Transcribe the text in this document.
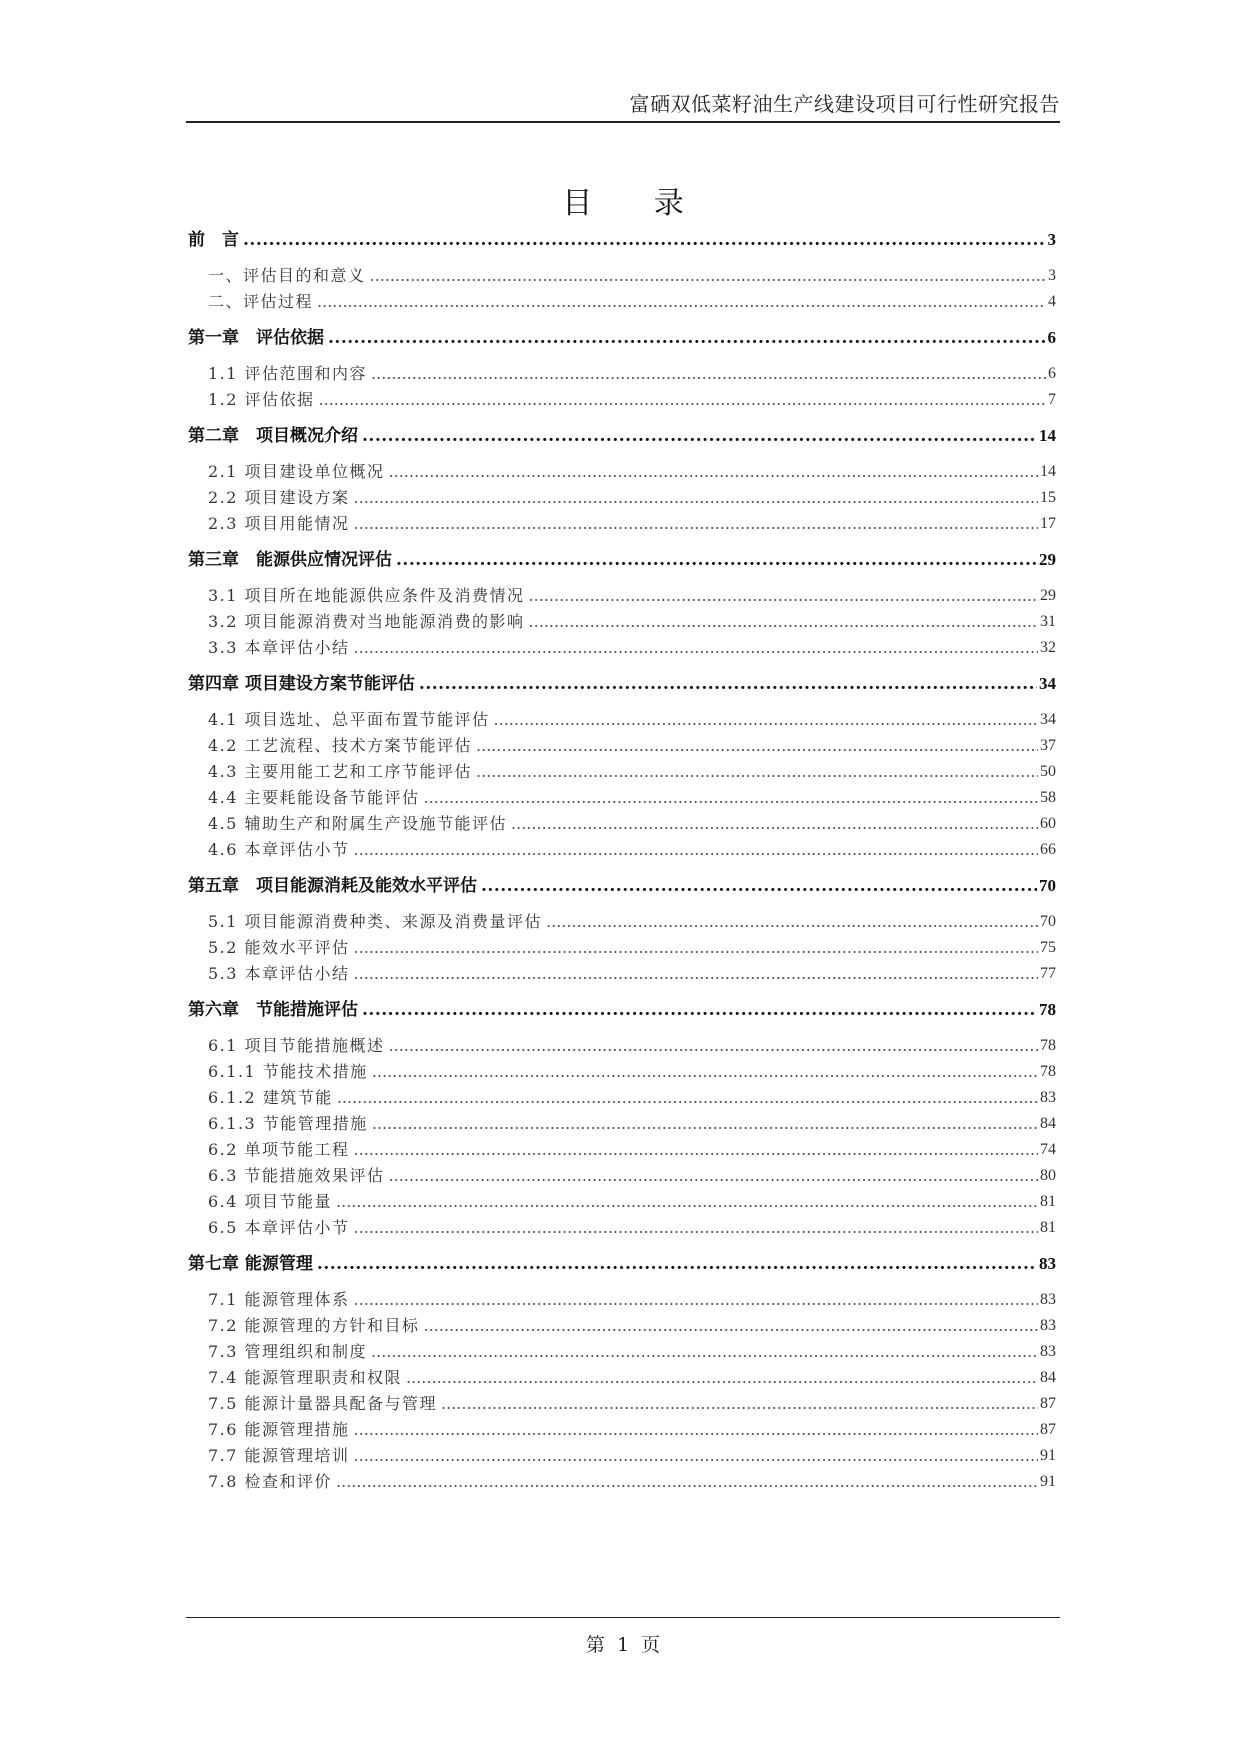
富硒双低菜籽油生产线建设项目可行性研究报告
目 录
前　言 .....	3
一、评估目的和意义 .....	3
二、评估过程 .....	4
第一章　评估依据 .....	6
1.1 评估范围和内容 .....	6
1.2 评估依据 .....	7
第二章　项目概况介绍 .....	14
2.1 项目建设单位概况 .....	14
2.2 项目建设方案 .....	15
2.3 项目用能情况 .....	17
第三章　能源供应情况评估 .....	29
3.1 项目所在地能源供应条件及消费情况 .....	29
3.2 项目能源消费对当地能源消费的影响 .....	31
3.3 本章评估小结 .....	32
第四章 项目建设方案节能评估 .....	34
4.1 项目选址、总平面布置节能评估 .....	34
4.2 工艺流程、技术方案节能评估 .....	37
4.3 主要用能工艺和工序节能评估 .....	50
4.4 主要耗能设备节能评估 .....	58
4.5 辅助生产和附属生产设施节能评估 .....	60
4.6 本章评估小节 .....	66
第五章　项目能源消耗及能效水平评估 .....	70
5.1 项目能源消费种类、来源及消费量评估 .....	70
5.2 能效水平评估 .....	75
5.3 本章评估小结 .....	77
第六章　节能措施评估 .....	78
6.1 项目节能措施概述 .....	78
6.1.1 节能技术措施 .....	78
6.1.2 建筑节能 .....	83
6.1.3 节能管理措施 .....	84
6.2 单项节能工程 .....	74
6.3 节能措施效果评估 .....	80
6.4 项目节能量 .....	81
6.5 本章评估小节 .....	81
第七章 能源管理 .....	83
7.1 能源管理体系 .....	83
7.2 能源管理的方针和目标 .....	83
7.3 管理组织和制度 .....	83
7.4 能源管理职责和权限 .....	84
7.5 能源计量器具配备与管理 .....	87
7.6 能源管理措施 .....	87
7.7 能源管理培训 .....	91
7.8 检查和评价 .....	91
第 1 页
